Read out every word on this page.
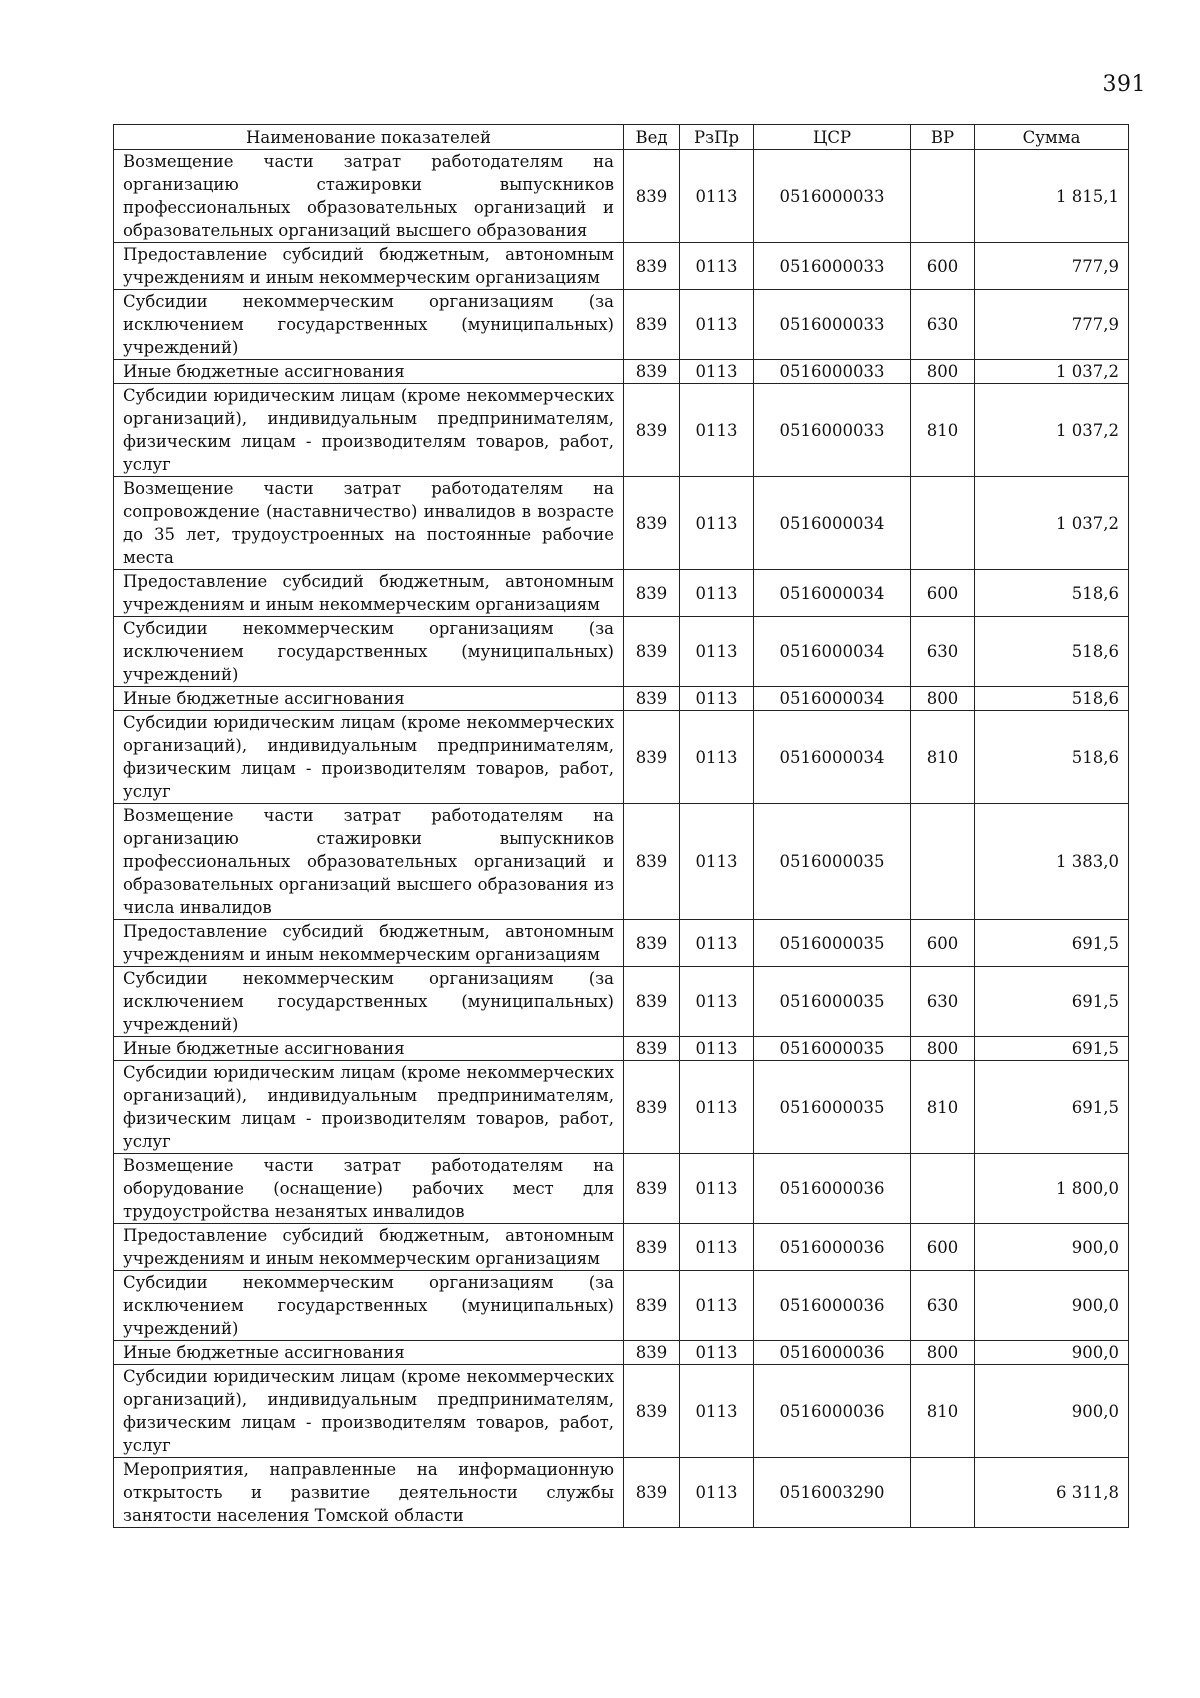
391
Наименование показателей	Вед	РзПр	ЦСР	ВР	Сумма
Возмещение части затрат работодателям на организацию стажировки выпускников профессиональных образовательных организаций и образовательных организаций высшего образования	839	0113	0516000033		1 815,1
Предоставление субсидий бюджетным, автономным учреждениям и иным некоммерческим организациям	839	0113	0516000033	600	777,9
Субсидии некоммерческим организациям (за исключением государственных (муниципальных) учреждений)	839	0113	0516000033	630	777,9
Иные бюджетные ассигнования	839	0113	0516000033	800	1 037,2
Субсидии юридическим лицам (кроме некоммерческих организаций), индивидуальным предпринимателям, физическим лицам - производителям товаров, работ, услуг	839	0113	0516000033	810	1 037,2
Возмещение части затрат работодателям на сопровождение (наставничество) инвалидов в возрасте до 35 лет, трудоустроенных на постоянные рабочие места	839	0113	0516000034		1 037,2
Предоставление субсидий бюджетным, автономным учреждениям и иным некоммерческим организациям	839	0113	0516000034	600	518,6
Субсидии некоммерческим организациям (за исключением государственных (муниципальных) учреждений)	839	0113	0516000034	630	518,6
Иные бюджетные ассигнования	839	0113	0516000034	800	518,6
Субсидии юридическим лицам (кроме некоммерческих организаций), индивидуальным предпринимателям, физическим лицам - производителям товаров, работ, услуг	839	0113	0516000034	810	518,6
Возмещение части затрат работодателям на организацию стажировки выпускников профессиональных образовательных организаций и образовательных организаций высшего образования из числа инвалидов	839	0113	0516000035		1 383,0
Предоставление субсидий бюджетным, автономным учреждениям и иным некоммерческим организациям	839	0113	0516000035	600	691,5
Субсидии некоммерческим организациям (за исключением государственных (муниципальных) учреждений)	839	0113	0516000035	630	691,5
Иные бюджетные ассигнования	839	0113	0516000035	800	691,5
Субсидии юридическим лицам (кроме некоммерческих организаций), индивидуальным предпринимателям, физическим лицам - производителям товаров, работ, услуг	839	0113	0516000035	810	691,5
Возмещение части затрат работодателям на оборудование (оснащение) рабочих мест для трудоустройства незанятых инвалидов	839	0113	0516000036		1 800,0
Предоставление субсидий бюджетным, автономным учреждениям и иным некоммерческим организациям	839	0113	0516000036	600	900,0
Субсидии некоммерческим организациям (за исключением государственных (муниципальных) учреждений)	839	0113	0516000036	630	900,0
Иные бюджетные ассигнования	839	0113	0516000036	800	900,0
Субсидии юридическим лицам (кроме некоммерческих организаций), индивидуальным предпринимателям, физическим лицам - производителям товаров, работ, услуг	839	0113	0516000036	810	900,0
Мероприятия, направленные на информационную открытость и развитие деятельности службы занятости населения Томской области	839	0113	0516003290		6 311,8
